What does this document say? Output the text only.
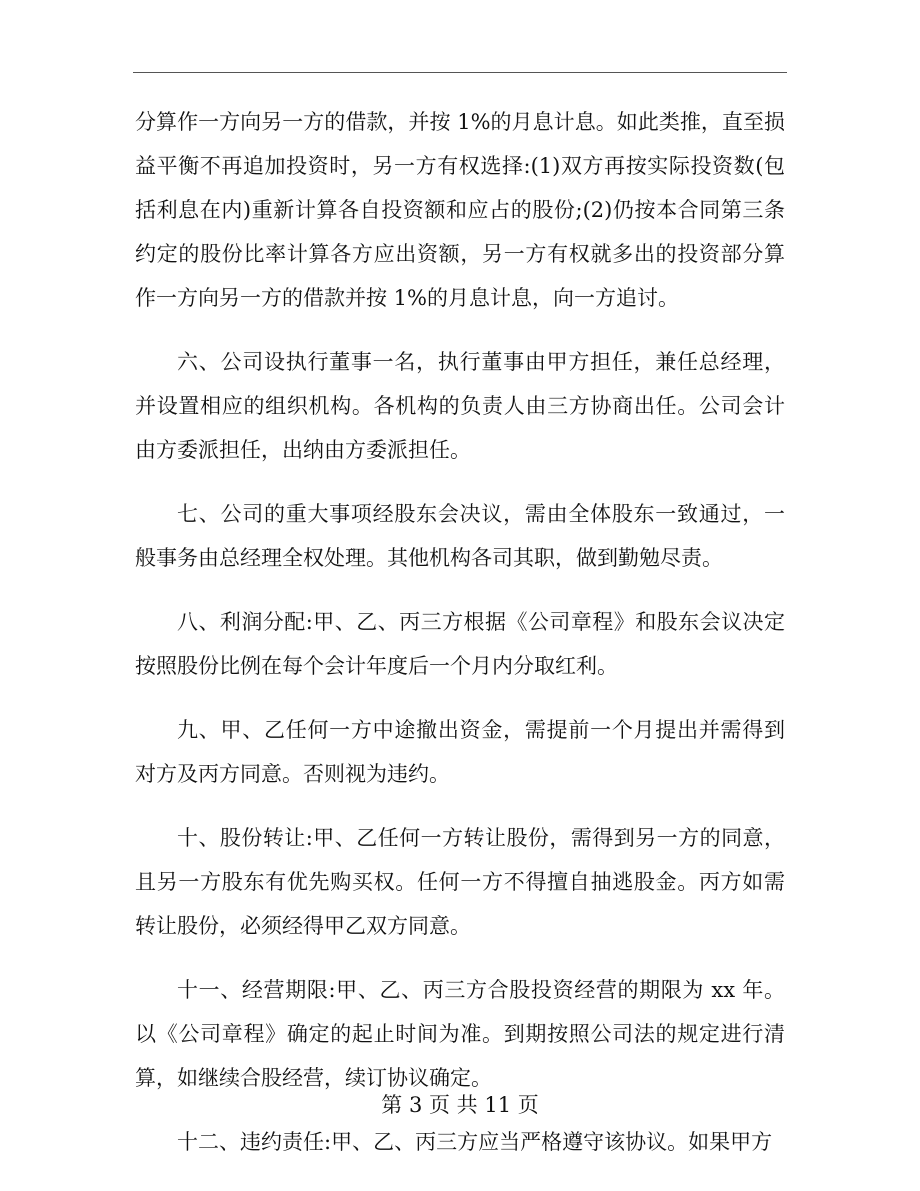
分算作一方向另一方的借款，并按 1%的月息计息。如此类推，直至损益平衡不再追加投资时，另一方有权选择:(1)双方再按实际投资数(包括利息在内)重新计算各自投资额和应占的股份;(2)仍按本合同第三条约定的股份比率计算各方应出资额，另一方有权就多出的投资部分算作一方向另一方的借款并按 1%的月息计息，向一方追讨。

六、公司设执行董事一名，执行董事由甲方担任，兼任总经理，并设置相应的组织机构。各机构的负责人由三方协商出任。公司会计由方委派担任，出纳由方委派担任。

七、公司的重大事项经股东会决议，需由全体股东一致通过，一般事务由总经理全权处理。其他机构各司其职，做到勤勉尽责。

八、利润分配:甲、乙、丙三方根据《公司章程》和股东会议决定按照股份比例在每个会计年度后一个月内分取红利。

九、甲、乙任何一方中途撤出资金，需提前一个月提出并需得到对方及丙方同意。否则视为违约。

十、股份转让:甲、乙任何一方转让股份，需得到另一方的同意，且另一方股东有优先购买权。任何一方不得擅自抽逃股金。丙方如需转让股份，必须经得甲乙双方同意。

十一、经营期限:甲、乙、丙三方合股投资经营的期限为 xx 年。以《公司章程》确定的起止时间为准。到期按照公司法的规定进行清算，如继续合股经营，续订协议确定。

十二、违约责任:甲、乙、丙三方应当严格遵守该协议。如果甲方

第 3 页 共 11 页
